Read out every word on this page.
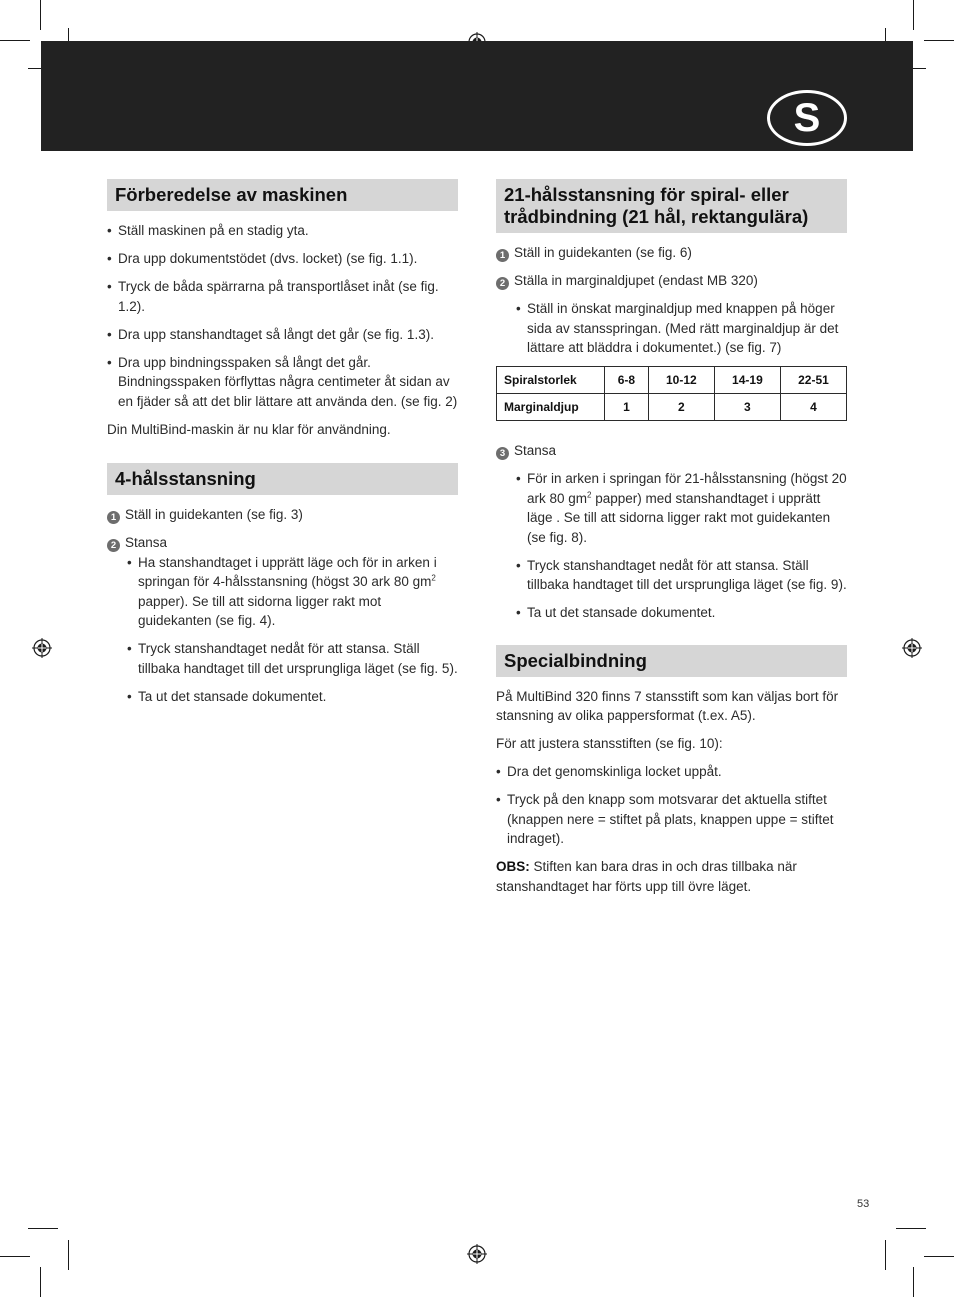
S
Förberedelse av maskinen
• Ställ maskinen på en stadig yta.
• Dra upp dokumentstödet (dvs. locket) (se fig. 1.1).
• Tryck de båda spärrarna på transportlåset inåt (se fig. 1.2).
• Dra upp stanshandtaget så långt det går (se fig. 1.3).
• Dra upp bindningsspaken så långt det går. Bindningsspaken förflyttas några centimeter åt sidan av en fjäder så att det blir lättare att använda den. (se fig. 2)
Din MultiBind-maskin är nu klar för användning.
4-hålsstansning
1 Ställ in guidekanten (se fig. 3)
2 Stansa
• Ha stanshandtaget i upprätt läge och för in arken i springan för 4-hålsstansning (högst 30 ark 80 $gm^2$ papper). Se till att sidorna ligger rakt mot guidekanten (se fig. 4).
• Tryck stanshandtaget nedåt för att stansa. Ställ tillbaka handtaget till det ursprungliga läget (se fig. 5).
• Ta ut det stansade dokumentet.
21-hålsstansning för spiral- eller trådbindning (21 hål, rektangulära)
1 Ställ in guidekanten (se fig. 6)
2 Ställa in marginaldjupet (endast MB 320)
• Ställ in önskat marginaldjup med knappen på höger sida av stansspringan. (Med rätt marginaldjup är det lättare att bläddra i dokumentet.) (se fig. 7)
Spiralstorlek	6-8	10-12	14-19	22-51
Marginaldjup	1	2	3	4
3 Stansa
• För in arken i springan för 21-hålsstansning (högst 20 ark 80 $gm^2$ papper) med stanshandtaget i upprätt läge . Se till att sidorna ligger rakt mot guidekanten (se fig. 8).
• Tryck stanshandtaget nedåt för att stansa. Ställ tillbaka handtaget till det ursprungliga läget (se fig. 9).
• Ta ut det stansade dokumentet.
Specialbindning
På MultiBind 320 finns 7 stansstift som kan väljas bort för stansning av olika pappersformat (t.ex. A5).
För att justera stansstiften (se fig. 10):
• Dra det genomskinliga locket uppåt.
• Tryck på den knapp som motsvarar det aktuella stiftet (knappen nere = stiftet på plats, knappen uppe = stiftet indraget).
OBS: Stiften kan bara dras in och dras tillbaka när stanshandtaget har förts upp till övre läget.
53
